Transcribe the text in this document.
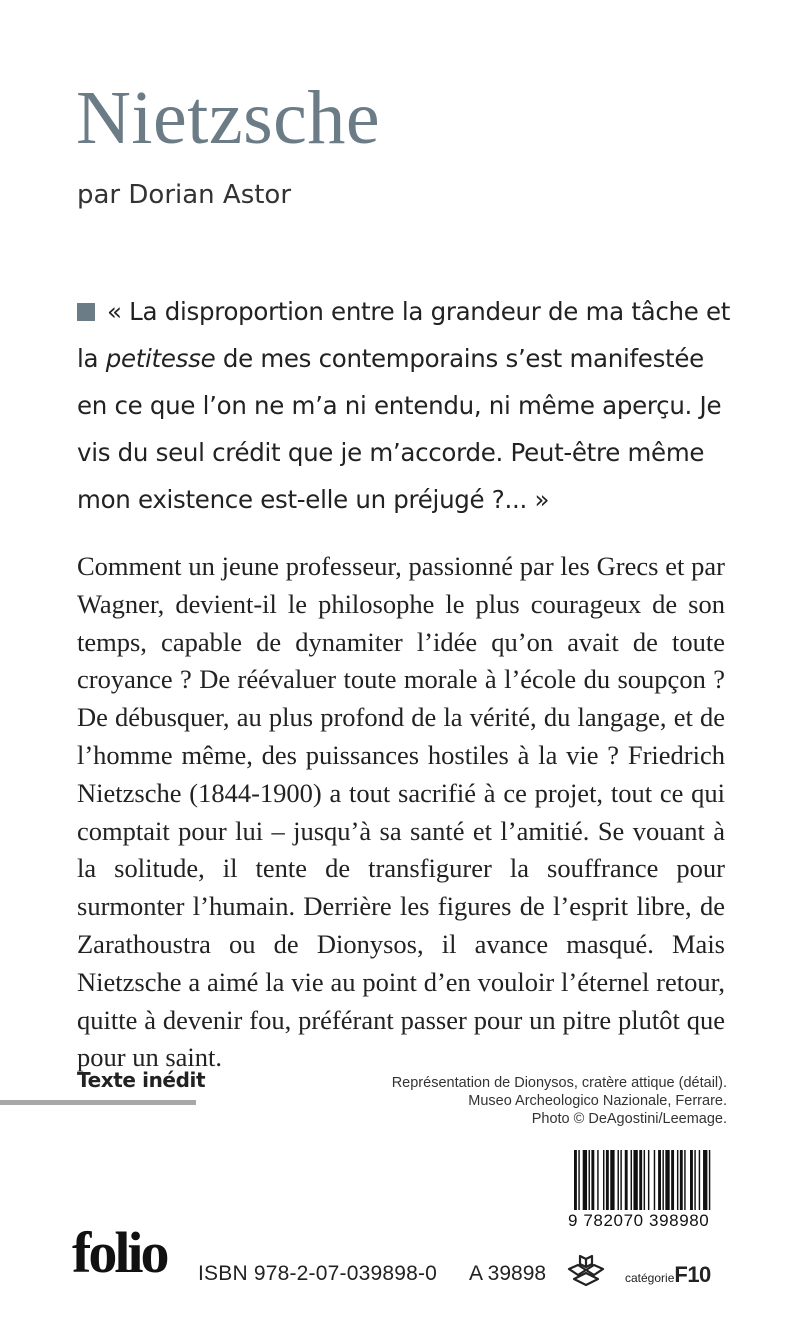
Nietzsche
par Dorian Astor

« La disproportion entre la grandeur de ma tâche et la petitesse de mes contemporains s’est manifestée en ce que l’on ne m’a ni entendu, ni même aperçu. Je vis du seul crédit que je m’accorde. Peut-être même mon existence est-elle un préjugé ?... »

Comment un jeune professeur, passionné par les Grecs et par Wagner, devient-il le philosophe le plus courageux de son temps, capable de dynamiter l’idée qu’on avait de toute croyance ? De réévaluer toute morale à l’école du soupçon ? De débusquer, au plus profond de la vérité, du langage, et de l’homme même, des puissances hostiles à la vie ? Friedrich Nietzsche (1844-1900) a tout sacrifié à ce projet, tout ce qui comptait pour lui – jusqu’à sa santé et l’amitié. Se vouant à la solitude, il tente de transfigurer la souffrance pour surmonter l’humain. Derrière les figures de l’esprit libre, de Zarathoustra ou de Dionysos, il avance masqué. Mais Nietzsche a aimé la vie au point d’en vouloir l’éternel retour, quitte à devenir fou, préférant passer pour un pitre plutôt que pour un saint.

Texte inédit	Représentation de Dionysos, cratère attique (détail).
Museo Archeologico Nazionale, Ferrare.
Photo © DeAgostini/Leemage.
9 782070 398980
folio ISBN 978-2-07-039898-0 A 39898	catégorieF10
